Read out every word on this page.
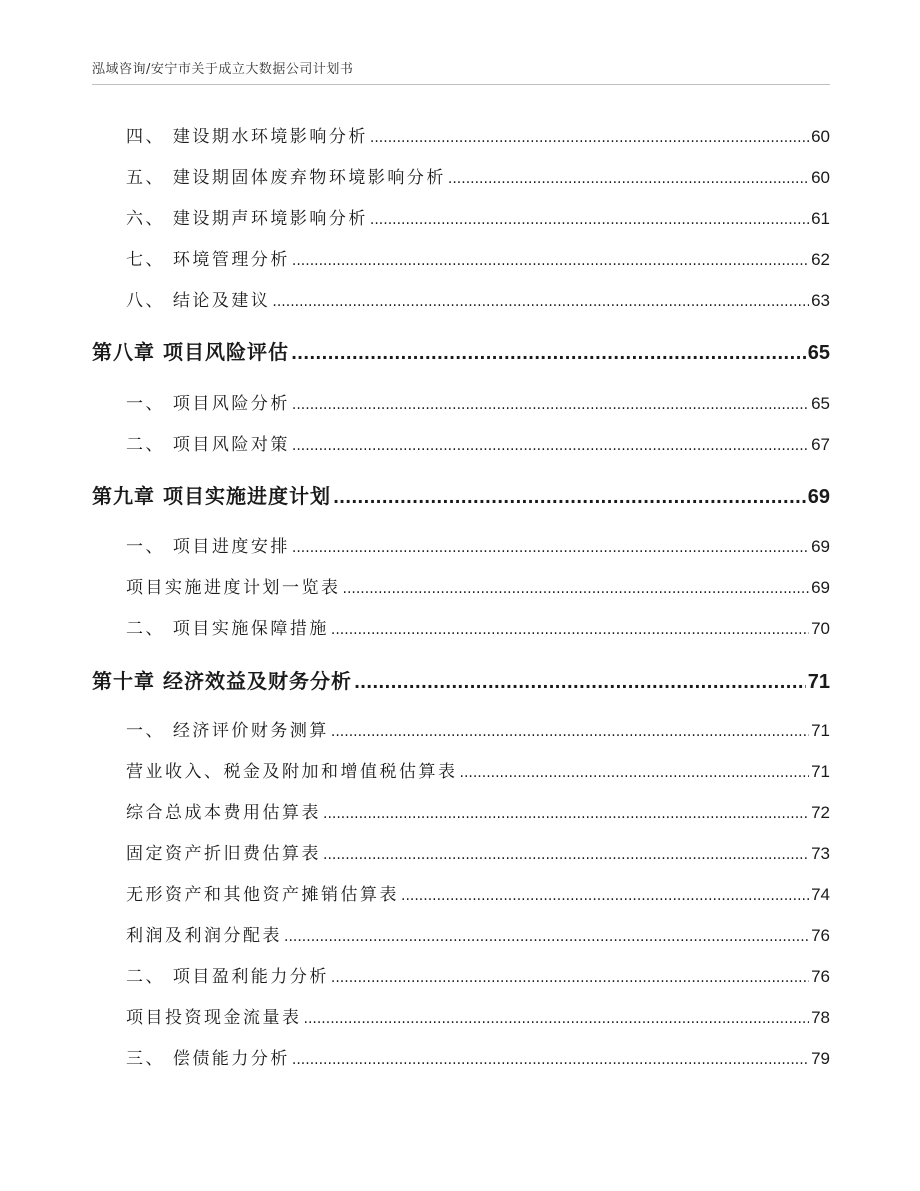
泓域咨询/安宁市关于成立大数据公司计划书
四、 建设期水环境影响分析 .....	60
五、 建设期固体废弃物环境影响分析 .....	60
六、 建设期声环境影响分析 .....	61
七、 环境管理分析 .....	62
八、 结论及建议 .....	63
第八章 项目风险评估 .....	65
一、 项目风险分析 .....	65
二、 项目风险对策 .....	67
第九章 项目实施进度计划 .....	69
一、 项目进度安排 .....	69
项目实施进度计划一览表 .....	69
二、 项目实施保障措施 .....	70
第十章 经济效益及财务分析 .....	71
一、 经济评价财务测算 .....	71
营业收入、税金及附加和增值税估算表 .....	71
综合总成本费用估算表 .....	72
固定资产折旧费估算表 .....	73
无形资产和其他资产摊销估算表 .....	74
利润及利润分配表 .....	76
二、 项目盈利能力分析 .....	76
项目投资现金流量表 .....	78
三、 偿债能力分析 .....	79
